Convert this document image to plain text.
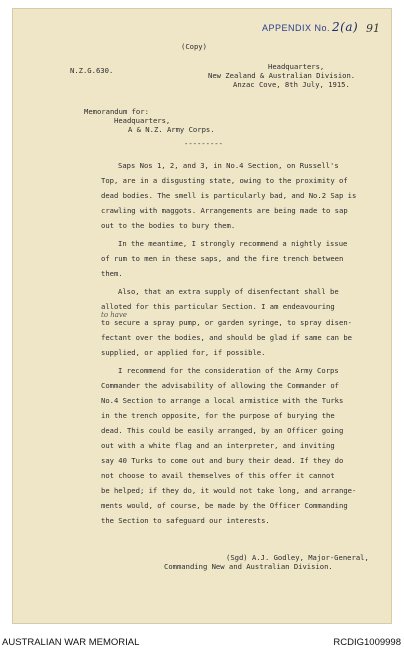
APPENDIX No. 2(a) 91
(Copy)
N.Z.G.630.	Headquarters,
New Zealand & Australian Division.
Anzac Cove, 8th July, 1915.
Memorandum for:
Headquarters,
A & N.Z. Army Corps.
---------
Saps Nos 1, 2, and 3, in No.4 Section, on Russell's
Top, are in a disgusting state, owing to the proximity of
dead bodies. The smell is particularly bad, and No.2 Sap is
crawling with maggots. Arrangements are being made to sap
out to the bodies to bury them.
In the meantime, I strongly recommend a nightly issue
of rum to men in these saps, and the fire trench between
them.
Also, that an extra supply of disenfectant shall be
alloted for this particular Section. I am endeavouring
to have
to secure a spray pump, or garden syringe, to spray disen-
fectant over the bodies, and should be glad if same can be
supplied, or applied for, if possible.
I recommend for the consideration of the Army Corps
Commander the advisability of allowing the Commander of
No.4 Section to arrange a local armistice with the Turks
in the trench opposite, for the purpose of burying the
dead. This could be easily arranged, by an Officer going
out with a white flag and an interpreter, and inviting
say 40 Turks to come out and bury their dead. If they do
not choose to avail themselves of this offer it cannot
be helped; if they do, it would not take long, and arrange-
ments would, of course, be made by the Officer Commanding
the Section to safeguard our interests.
(Sgd) A.J. Godley, Major-General,
Commanding New and Australian Division.
AUSTRALIAN WAR MEMORIAL	RCDIG1009998
